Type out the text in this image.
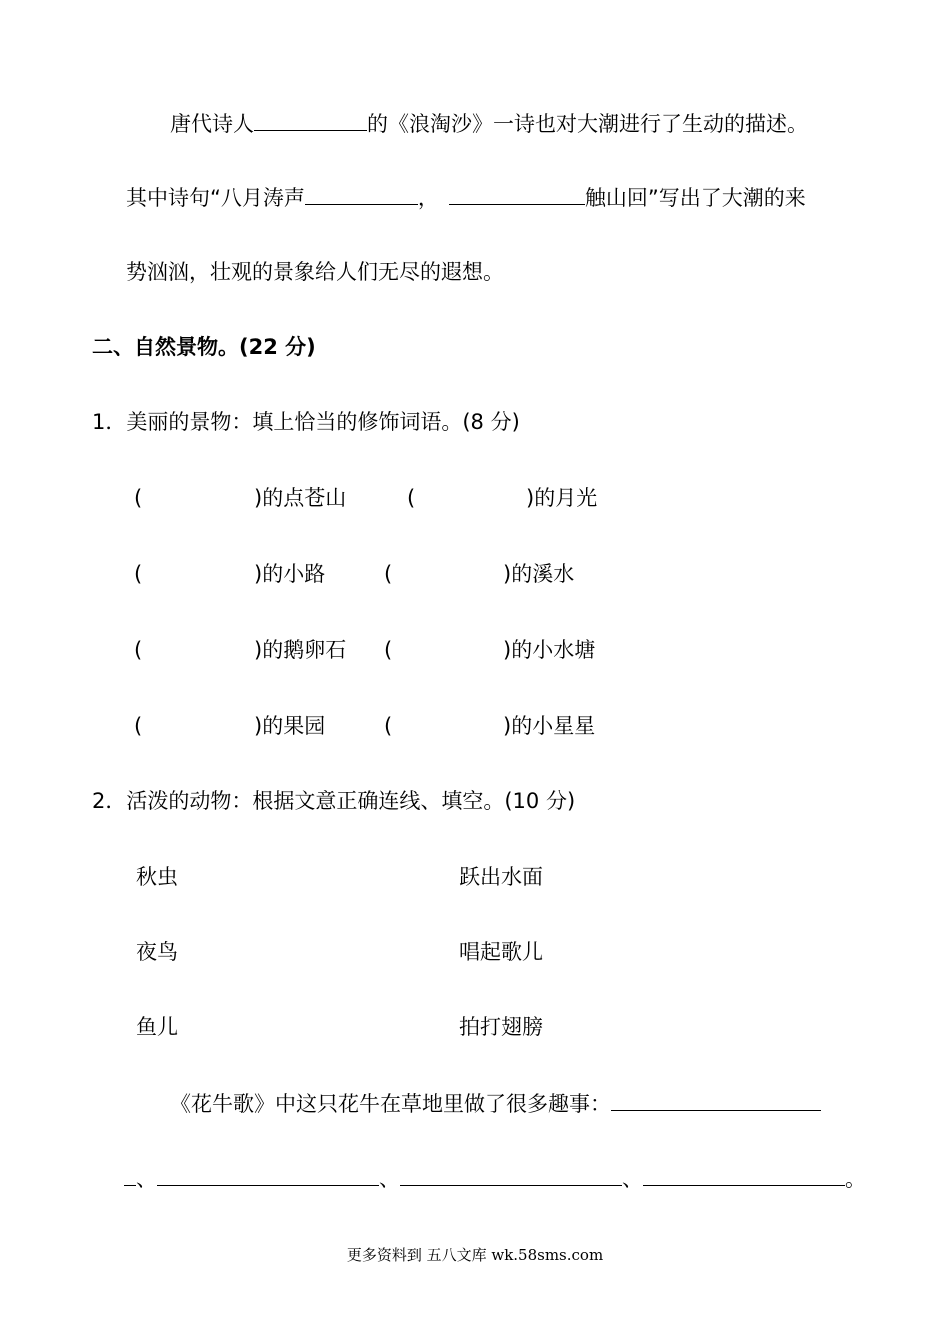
唐代诗人	的《浪淘沙》一诗也对大潮进行了生动的描述。
其中诗句“八月涛声	，	触山回”写出了大潮的来
势汹汹，壮观的景象给人们无尽的遐想。
二、自然景物。(22 分)
1．美丽的景物：填上恰当的修饰词语。(8 分)
(	)的点苍山	(	)的月光
(	)的小路	(	)的溪水
(	)的鹅卵石 (	)的小水塘
(	)的果园	(	)的小星星
2．活泼的动物：根据文意正确连线、填空。(10 分)
秋虫	跃出水面
夜鸟	唱起歌儿
鱼儿	拍打翅膀
《花牛歌》中这只花牛在草地里做了很多趣事：
、	、	、	。
更多资料到 五八文库 wk.58sms.com
